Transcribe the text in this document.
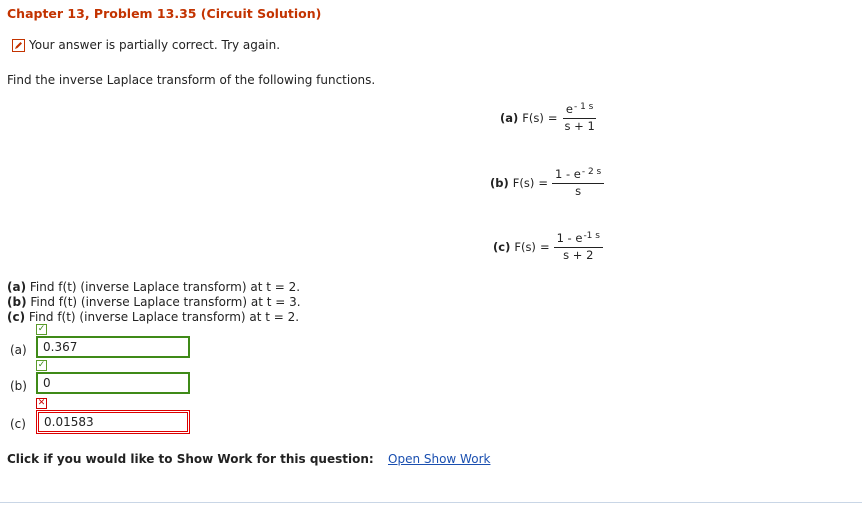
Chapter 13, Problem 13.35 (Circuit Solution)
Your answer is partially correct. Try again.
Find the inverse Laplace transform of the following functions.
(a) $F(s) = \frac{e^{- 1 s}}{s + 1}$
(b) $F(s) = \frac{1 - e^{- 2 s}}{s}$
(c) $F(s) = \frac{1 - e^{-1 s}}{s + 2}$
(a) Find f(t) (inverse Laplace transform) at t = 2.
(b) Find f(t) (inverse Laplace transform) at t = 3.
(c) Find f(t) (inverse Laplace transform) at t = 2.
(a)
✓
0.367
(b)
✓
0
(c)
✕
0.01583
Click if you would like to Show Work for this question: Open Show Work
